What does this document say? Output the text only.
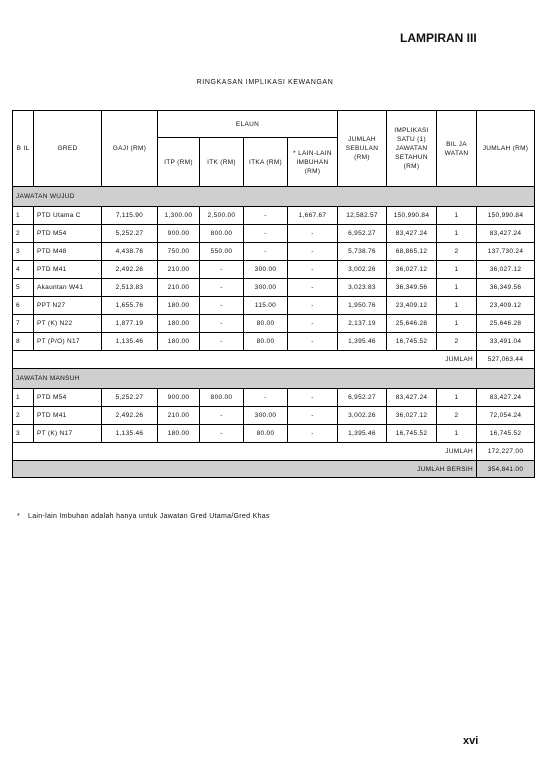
LAMPIRAN III
RINGKASAN IMPLIKASI KEWANGAN
B IL	GRED	GAJI (RM)	ELAUN				JUMLAH SEBULAN (RM)	IMPLIKASI SATU (1) JAWATAN SETAHUN (RM)	BIL JA WATAN	JUMLAH (RM)
			ITP (RM)	ITK (RM)	ITKA (RM)	* LAIN-LAIN IMBUHAN (RM)				
JAWATAN WUJUD										
1	PTD Utama C	7,115.90	1,300.00	2,500.00	-	1,667.67	12,582.57	150,990.84	1	150,990.84
2	PTD M54	5,252.27	900.00	800.00	-	-	6,952.27	83,427.24	1	83,427.24
3	PTD M48	4,438.76	750.00	550.00	-	-	5,738.76	68,865.12	2	137,730.24
4	PTD M41	2,492.26	210.00	-	300.00	-	3,002.26	36,027.12	1	36,027.12
5	Akauntan W41	2,513.83	210.00	-	300.00	-	3,023.83	36,349.56	1	36,349.56
6	PPT N27	1,655.76	180.00	-	115.00	-	1,950.76	23,409.12	1	23,409.12
7	PT (K) N22	1,877.19	180.00	-	80.00	-	2,137.19	25,646.28	1	25,646.28
8	PT (P/O) N17	1,135.46	180.00	-	80.00	-	1,395.46	16,745.52	2	33,491.04
JUMLAH										527,063.44
JAWATAN MANSUH										
1	PTD M54	5,252.27	900.00	800.00	-	-	6,952.27	83,427.24	1	83,427.24
2	PTD M41	2,492.26	210.00	-	300.00	-	3,002.26	36,027.12	2	72,054.24
3	PT (K) N17	1,135.46	180.00	-	80.00	-	1,395.46	16,745.52	1	16,745.52
JUMLAH										172,227.00
JUMLAH BERSIH										354,841.00
* Lain-lain Imbuhan adalah hanya untuk Jawatan Gred Utama/Gred Khas
xvi
